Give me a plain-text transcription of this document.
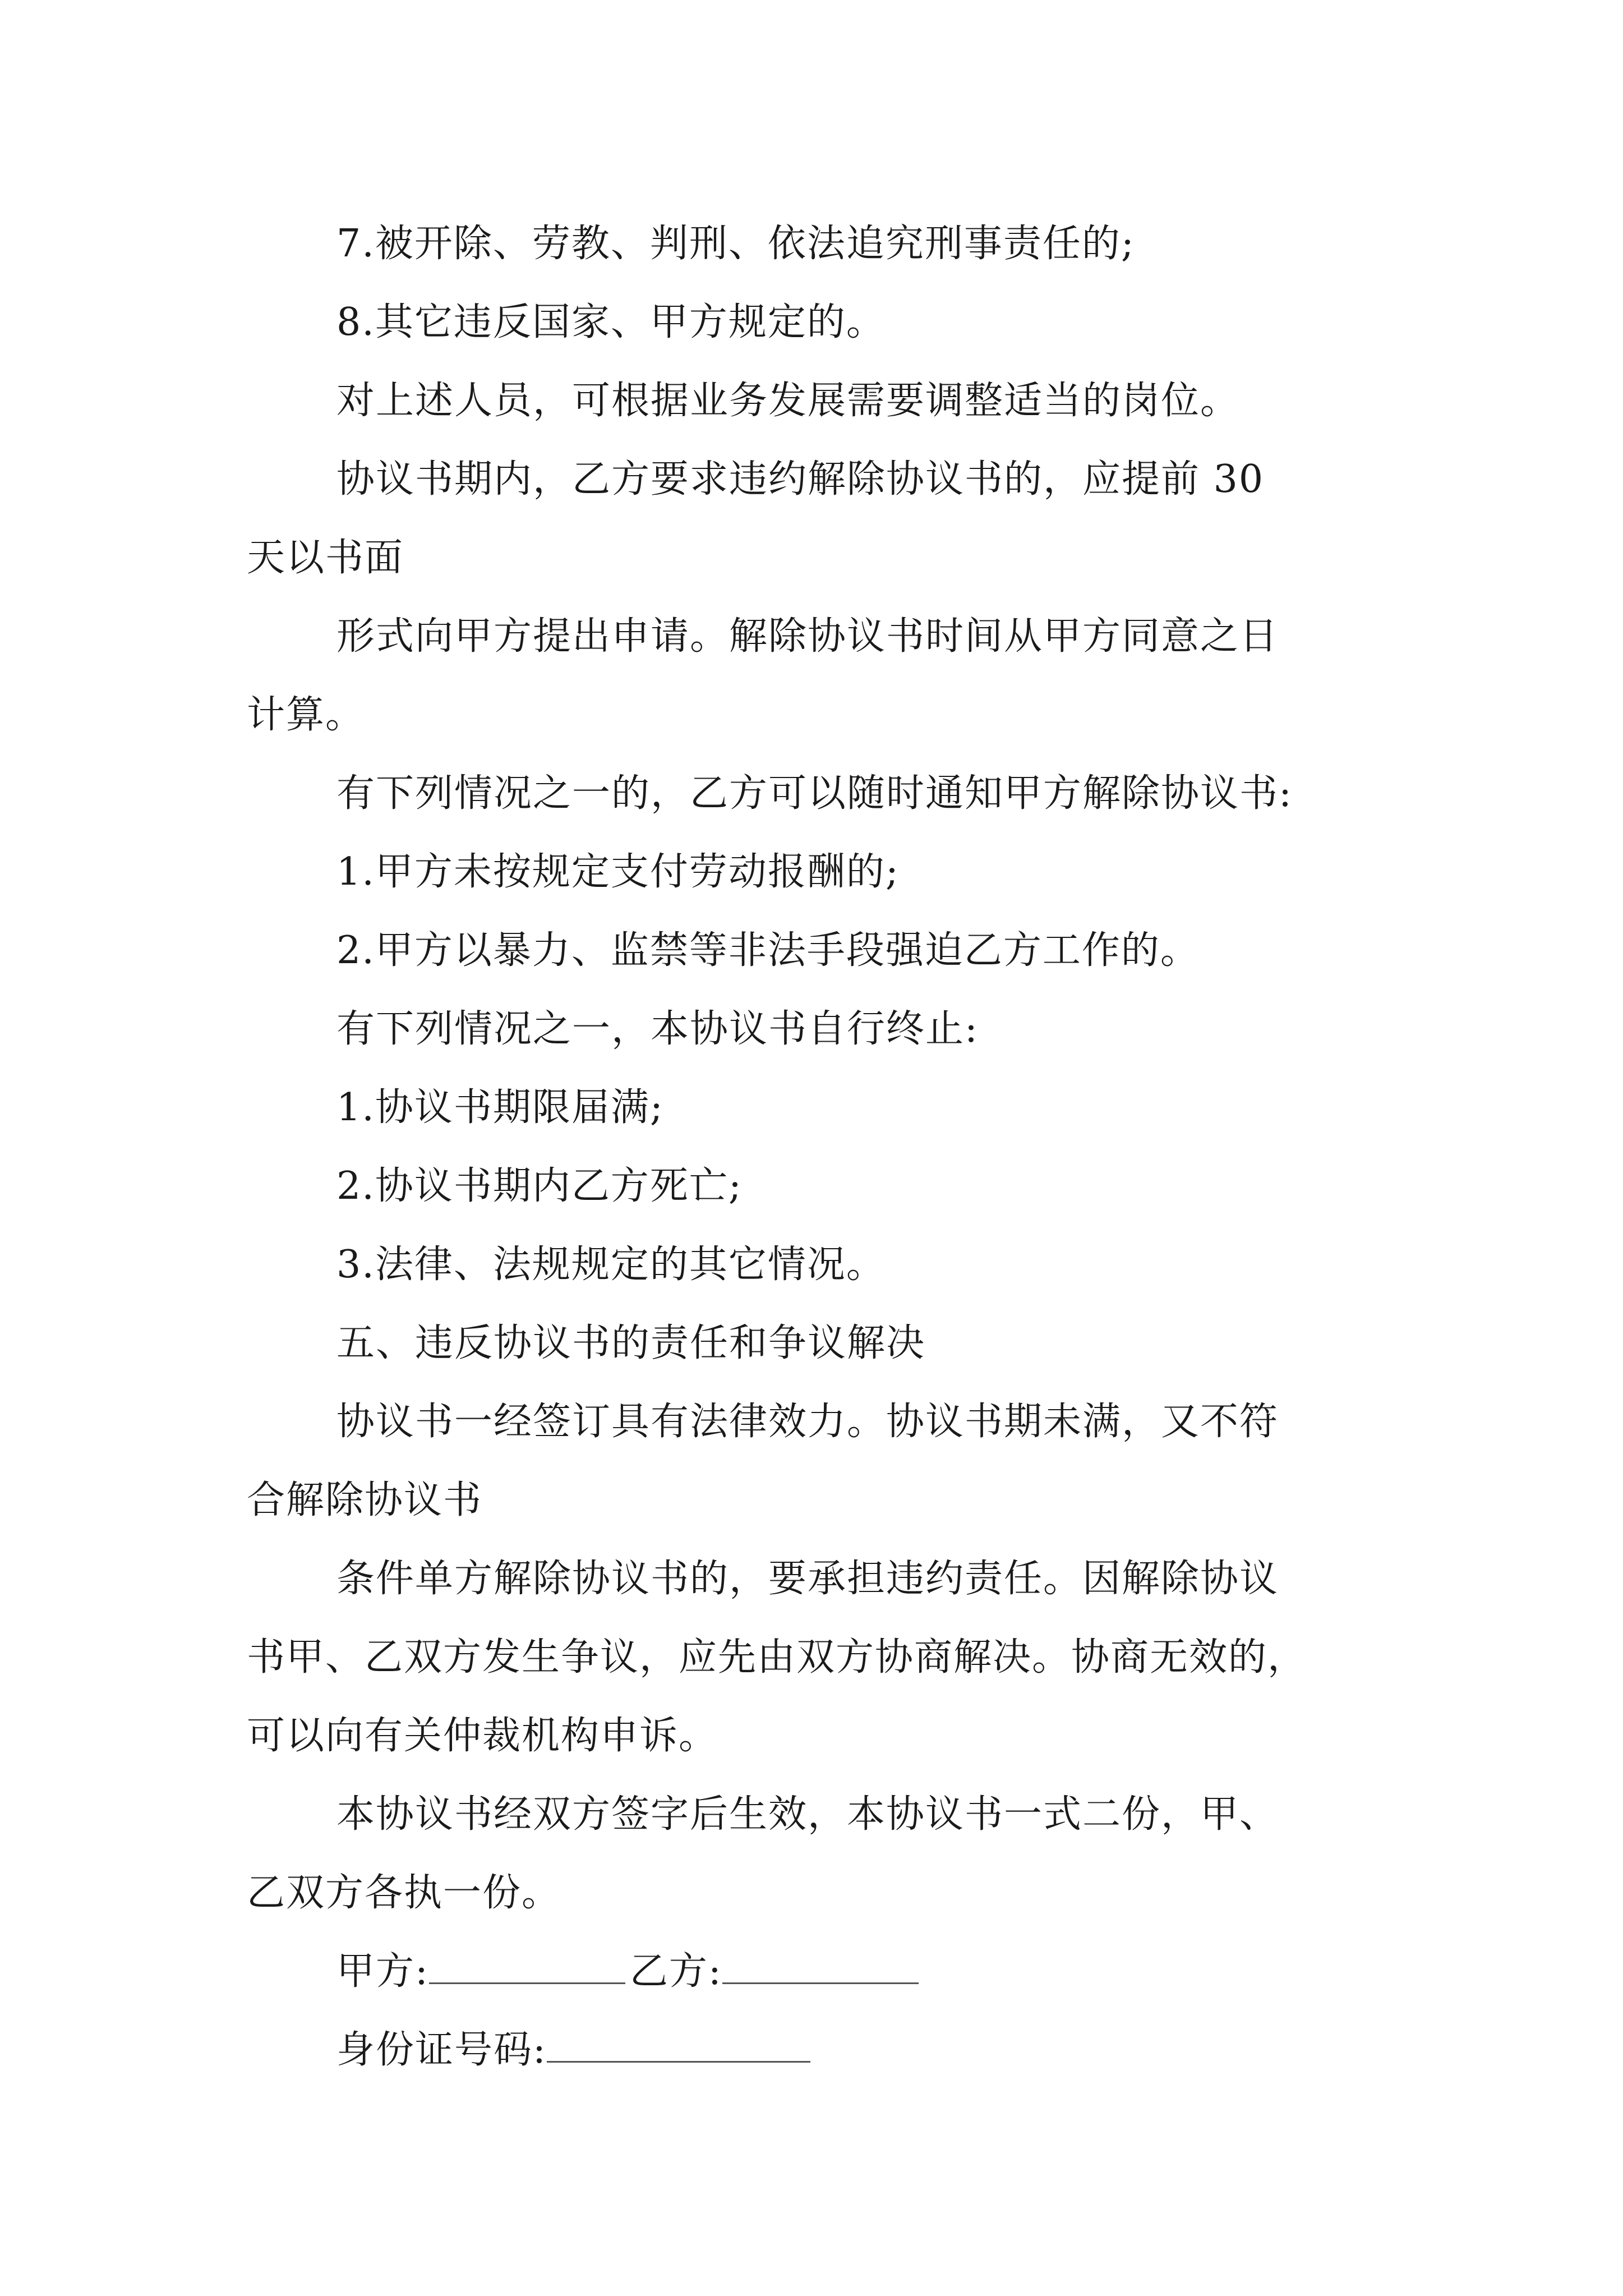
7.被开除、劳教、判刑、依法追究刑事责任的;
8.其它违反国家、甲方规定的。
对上述人员，可根据业务发展需要调整适当的岗位。
协议书期内，乙方要求违约解除协议书的，应提前 30
天以书面
形式向甲方提出申请。解除协议书时间从甲方同意之日
计算。
有下列情况之一的，乙方可以随时通知甲方解除协议书:
1.甲方未按规定支付劳动报酬的;
2.甲方以暴力、监禁等非法手段强迫乙方工作的。
有下列情况之一，本协议书自行终止:
1.协议书期限届满;
2.协议书期内乙方死亡;
3.法律、法规规定的其它情况。
五、违反协议书的责任和争议解决
协议书一经签订具有法律效力。协议书期未满，又不符
合解除协议书
条件单方解除协议书的，要承担违约责任。因解除协议
书甲、乙双方发生争议，应先由双方协商解决。协商无效的，
可以向有关仲裁机构申诉。
本协议书经双方签字后生效，本协议书一式二份，甲、
乙双方各执一份。
甲方:	乙方:
身份证号码:
